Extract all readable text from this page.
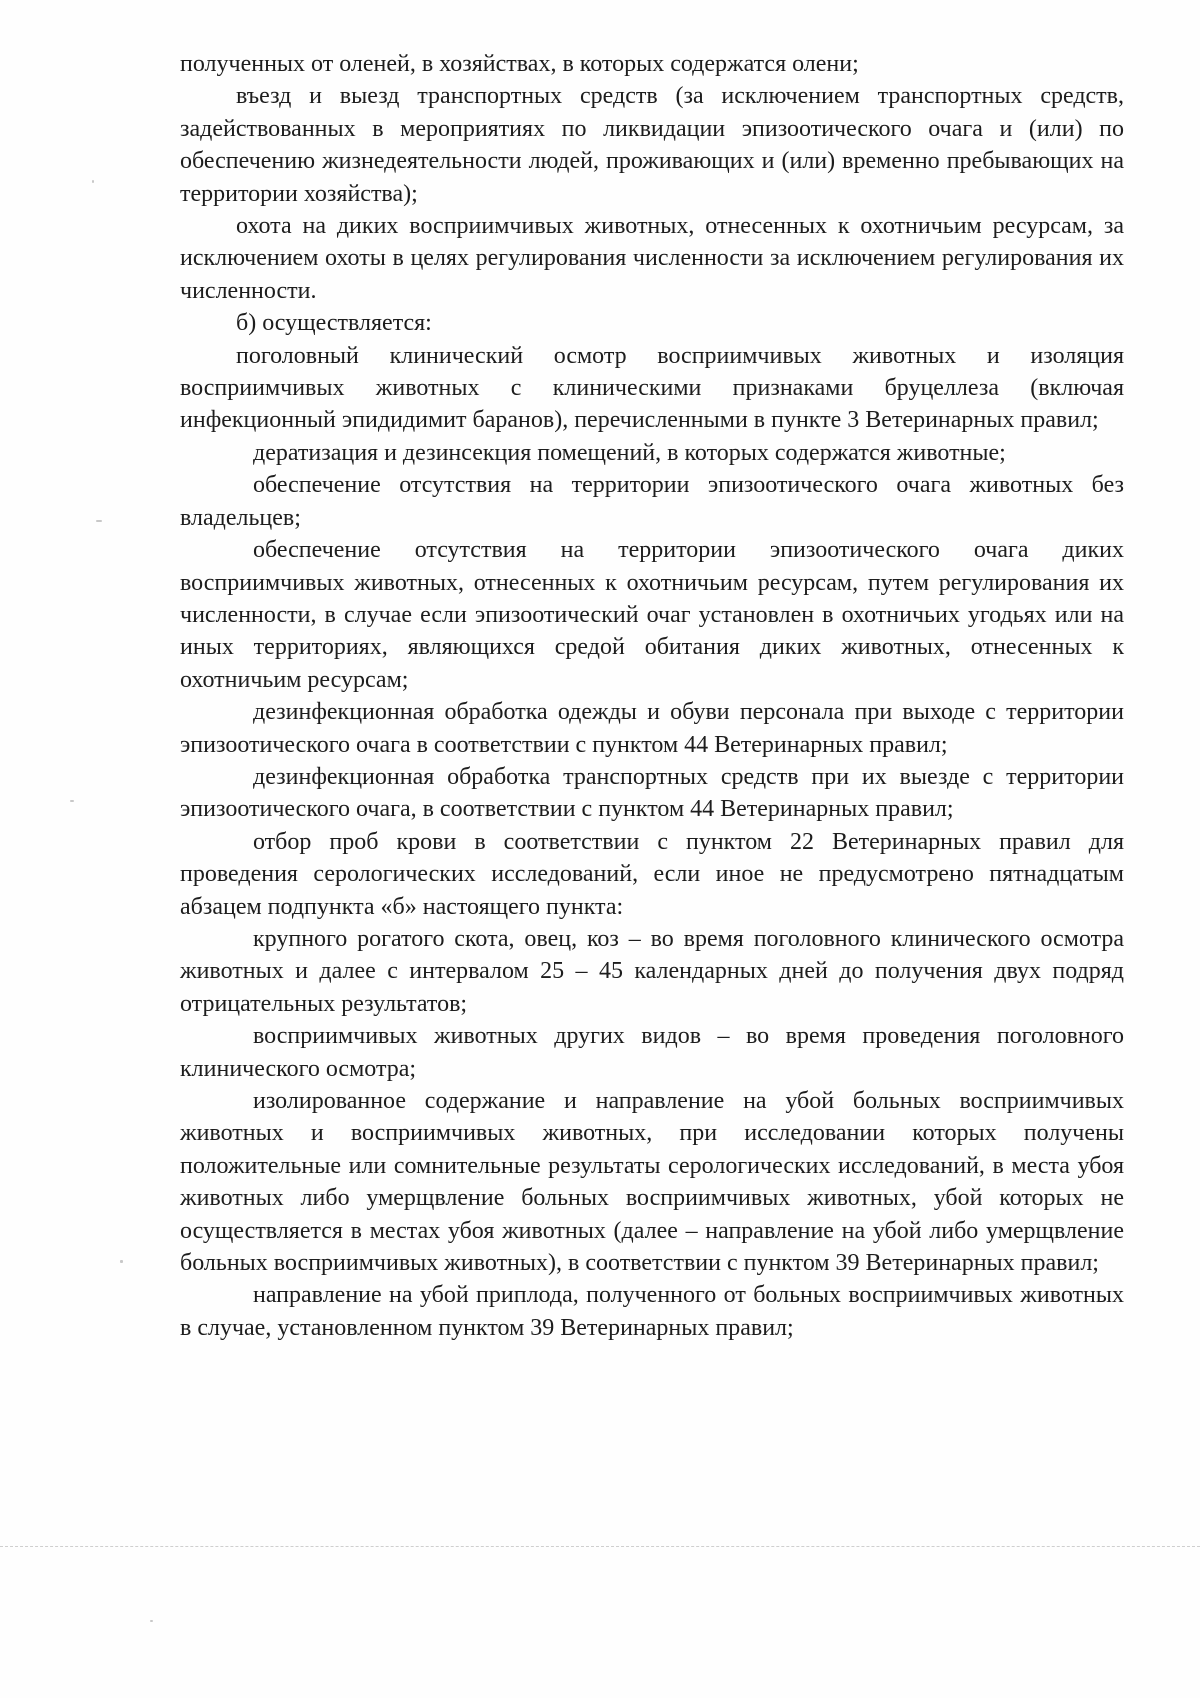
полученных от оленей, в хозяйствах, в которых содержатся олени;

въезд и выезд транспортных средств (за исключением транспортных средств, задействованных в мероприятиях по ликвидации эпизоотического очага и (или) по обеспечению жизнедеятельности людей, проживающих и (или) временно пребывающих на территории хозяйства);

охота на диких восприимчивых животных, отнесенных к охотничьим ресурсам, за исключением охоты в целях регулирования численности за исключением регулирования их численности.

б) осуществляется:

поголовный клинический осмотр восприимчивых животных и изоляция восприимчивых животных с клиническими признаками бруцеллеза (включая инфекционный эпидидимит баранов), перечисленными в пункте 3 Ветеринарных правил;

дератизация и дезинсекция помещений, в которых содержатся животные;

обеспечение отсутствия на территории эпизоотического очага животных без владельцев;

обеспечение отсутствия на территории эпизоотического очага диких восприимчивых животных, отнесенных к охотничьим ресурсам, путем регулирования их численности, в случае если эпизоотический очаг установлен в охотничьих угодьях или на иных территориях, являющихся средой обитания диких животных, отнесенных к охотничьим ресурсам;

дезинфекционная обработка одежды и обуви персонала при выходе с территории эпизоотического очага в соответствии с пунктом 44 Ветеринарных правил;

дезинфекционная обработка транспортных средств при их выезде с территории эпизоотического очага, в соответствии с пунктом 44 Ветеринарных правил;

отбор проб крови в соответствии с пунктом 22 Ветеринарных правил для проведения серологических исследований, если иное не предусмотрено пятнадцатым абзацем подпункта «б» настоящего пункта:

крупного рогатого скота, овец, коз – во время поголовного клинического осмотра животных и далее с интервалом 25 – 45 календарных дней до получения двух подряд отрицательных результатов;

восприимчивых животных других видов – во время проведения поголовного клинического осмотра;

изолированное содержание и направление на убой больных восприимчивых животных и восприимчивых животных, при исследовании которых получены положительные или сомнительные результаты серологических исследований, в места убоя животных либо умерщвление больных восприимчивых животных, убой которых не осуществляется в местах убоя животных (далее – направление на убой либо умерщвление больных восприимчивых животных), в соответствии с пунктом 39 Ветеринарных правил;

направление на убой приплода, полученного от больных восприимчивых животных в случае, установленном пунктом 39 Ветеринарных правил;
